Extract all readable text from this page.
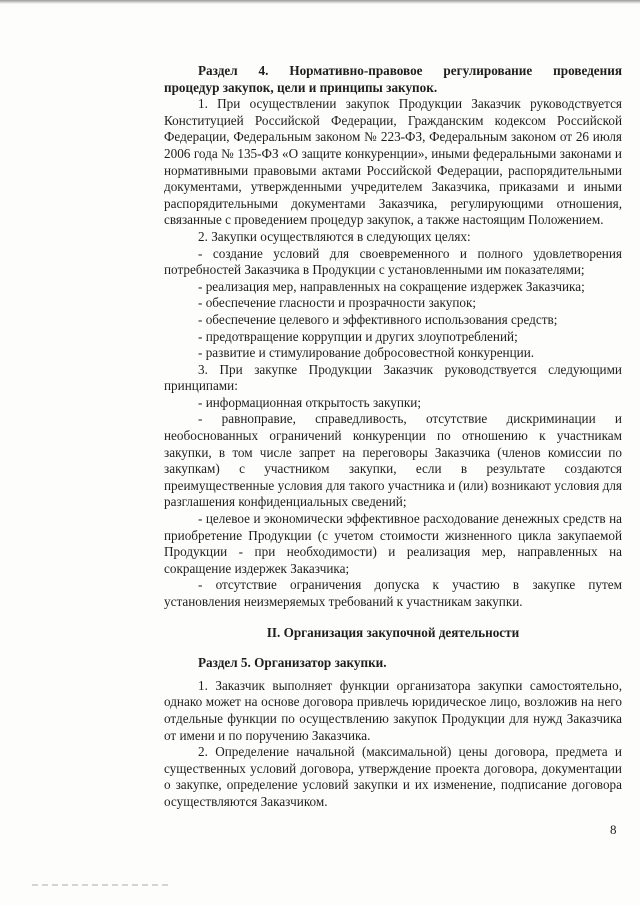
Раздел 4. Нормативно-правовое регулирование проведения

процедур закупок, цели и принципы закупок.

1. При осуществлении закупок Продукции Заказчик руководствуется Конституцией Российской Федерации, Гражданским кодексом Российской Федерации, Федеральным законом № 223-ФЗ, Федеральным законом от 26 июля 2006 года № 135-ФЗ «О защите конкуренции», иными федеральными законами и нормативными правовыми актами Российской Федерации, распорядительными документами, утвержденными учредителем Заказчика, приказами и иными распорядительными документами Заказчика, регулирующими отношения, связанные с проведением процедур закупок, а также настоящим Положением.

2. Закупки осуществляются в следующих целях:

- создание условий для своевременного и полного удовлетворения потребностей Заказчика в Продукции с установленными им показателями;

- реализация мер, направленных на сокращение издержек Заказчика;

- обеспечение гласности и прозрачности закупок;

- обеспечение целевого и эффективного использования средств;

- предотвращение коррупции и других злоупотреблений;

- развитие и стимулирование добросовестной конкуренции.

3. При закупке Продукции Заказчик руководствуется следующими принципами:

- информационная открытость закупки;

- равноправие, справедливость, отсутствие дискриминации и необоснованных ограничений конкуренции по отношению к участникам закупки, в том числе запрет на переговоры Заказчика (членов комиссии по закупкам) с участником закупки, если в результате создаются преимущественные условия для такого участника и (или) возникают условия для разглашения конфиденциальных сведений;

- целевое и экономически эффективное расходование денежных средств на приобретение Продукции (с учетом стоимости жизненного цикла закупаемой Продукции - при необходимости) и реализация мер, направленных на сокращение издержек Заказчика;

- отсутствие ограничения допуска к участию в закупке путем установления неизмеряемых требований к участникам закупки.

II. Организация закупочной деятельности

Раздел 5. Организатор закупки.

1. Заказчик выполняет функции организатора закупки самостоятельно, однако может на основе договора привлечь юридическое лицо, возложив на него отдельные функции по осуществлению закупок Продукции для нужд Заказчика от имени и по поручению Заказчика.

2. Определение начальной (максимальной) цены договора, предмета и существенных условий договора, утверждение проекта договора, документации о закупке, определение условий закупки и их изменение, подписание договора осуществляются Заказчиком.

8
